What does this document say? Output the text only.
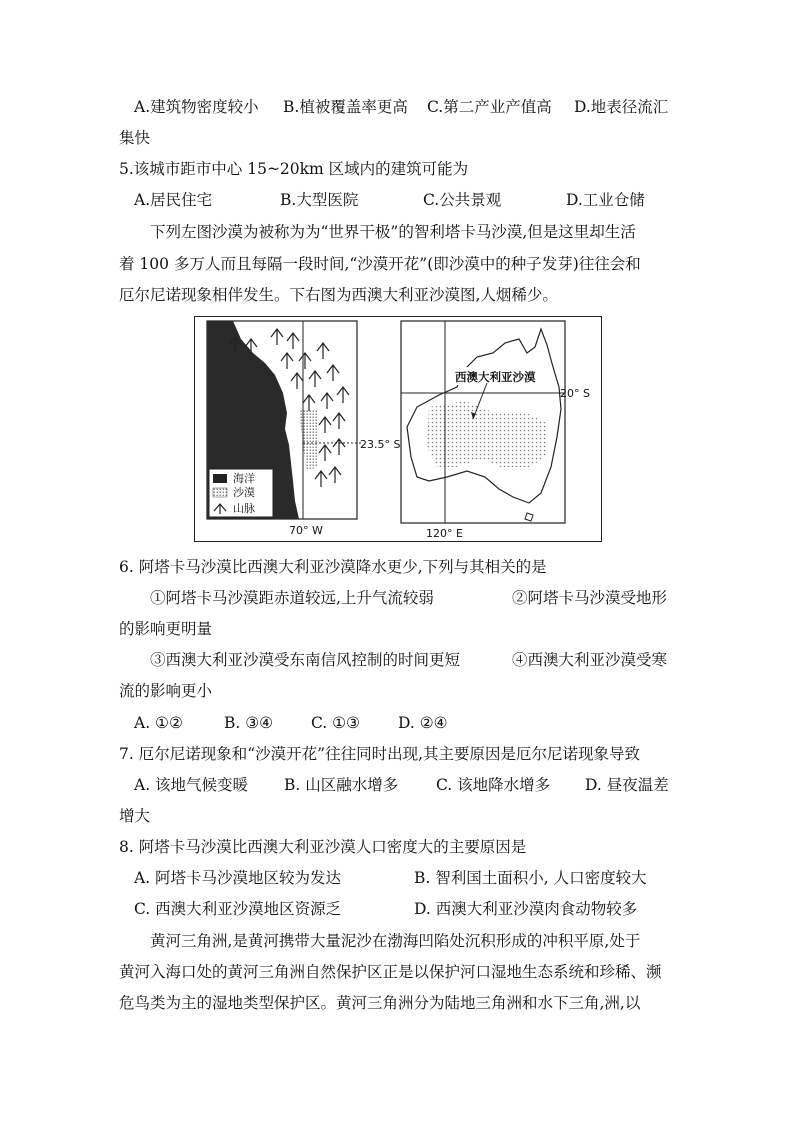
A.建筑物密度较小 B.植被覆盖率更高 C.第二产业产值高 D.地表径流汇
集快
5.该城市距市中心 15~20km 区域内的建筑可能为
A.居民住宅	B.大型医院	C.公共景观	D.工业仓储
下列左图沙漠为被称为为“世界干极”的智利塔卡马沙漠,但是这里却生活
着 100 多万人而且每隔一段时间,“沙漠开花”(即沙漠中的种子发芽)往往会和
厄尔尼诺现象相伴发生。下右图为西澳大利亚沙漠图,人烟稀少。
海洋
沙漠
山脉
23.5° S
70° W
西澳大利亚沙漠
20° S
120° E
6. 阿塔卡马沙漠比西澳大利亚沙漠降水更少,下列与其相关的是
①阿塔卡马沙漠距赤道较远,上升气流较弱	②阿塔卡马沙漠受地形
的影响更明量
③西澳大利亚沙漠受东南信风控制的时间更短	④西澳大利亚沙漠受寒
流的影响更小
A. ①②	B. ③④ C. ①③ D. ②④
7. 厄尔尼诺现象和“沙漠开花”往往同时出现,其主要原因是厄尔尼诺现象导致
A. 该地气候变暖 B. 山区融水增多 C. 该地降水增多 D. 昼夜温差
增大
8. 阿塔卡马沙漠比西澳大利亚沙漠人口密度大的主要原因是
A. 阿塔卡马沙漠地区较为发达	B. 智利国土面积小, 人口密度较大
C. 西澳大利亚沙漠地区资源乏	D. 西澳大利亚沙漠肉食动物较多
黄河三角洲,是黄河携带大量泥沙在渤海凹陷处沉积形成的冲积平原,处于
黄河入海口处的黄河三角洲自然保护区正是以保护河口湿地生态系统和珍稀、濒
危鸟类为主的湿地类型保护区。黄河三角洲分为陆地三角洲和水下三角,洲,以
